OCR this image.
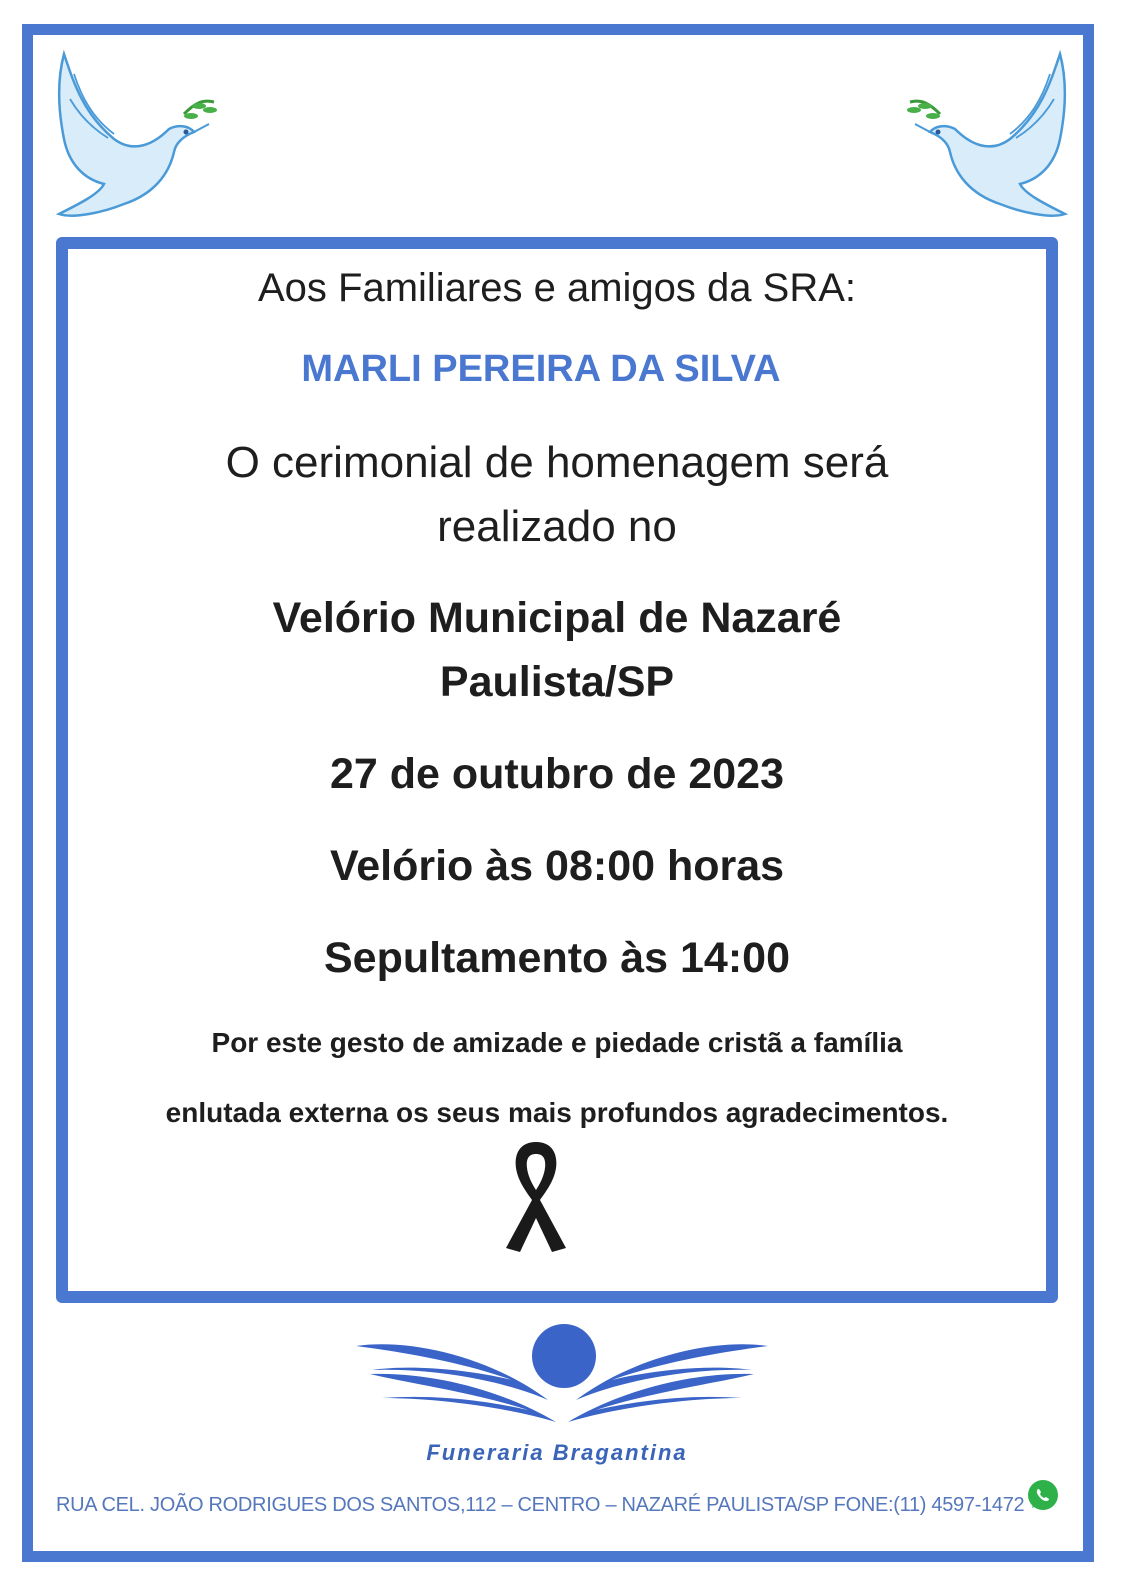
Aos Familiares e amigos da SRA:
MARLI PEREIRA DA SILVA
O cerimonial de homenagem será
realizado no
Velório Municipal de Nazaré
Paulista/SP
27 de outubro de 2023
Velório às 08:00 horas
Sepultamento às 14:00
Por este gesto de amizade e piedade cristã a família
enlutada externa os seus mais profundos agradecimentos.
Funeraria Bragantina
RUA CEL. JOÃO RODRIGUES DOS SANTOS,112 – CENTRO – NAZARÉ PAULISTA/SP FONE:(11) 4597-1472
